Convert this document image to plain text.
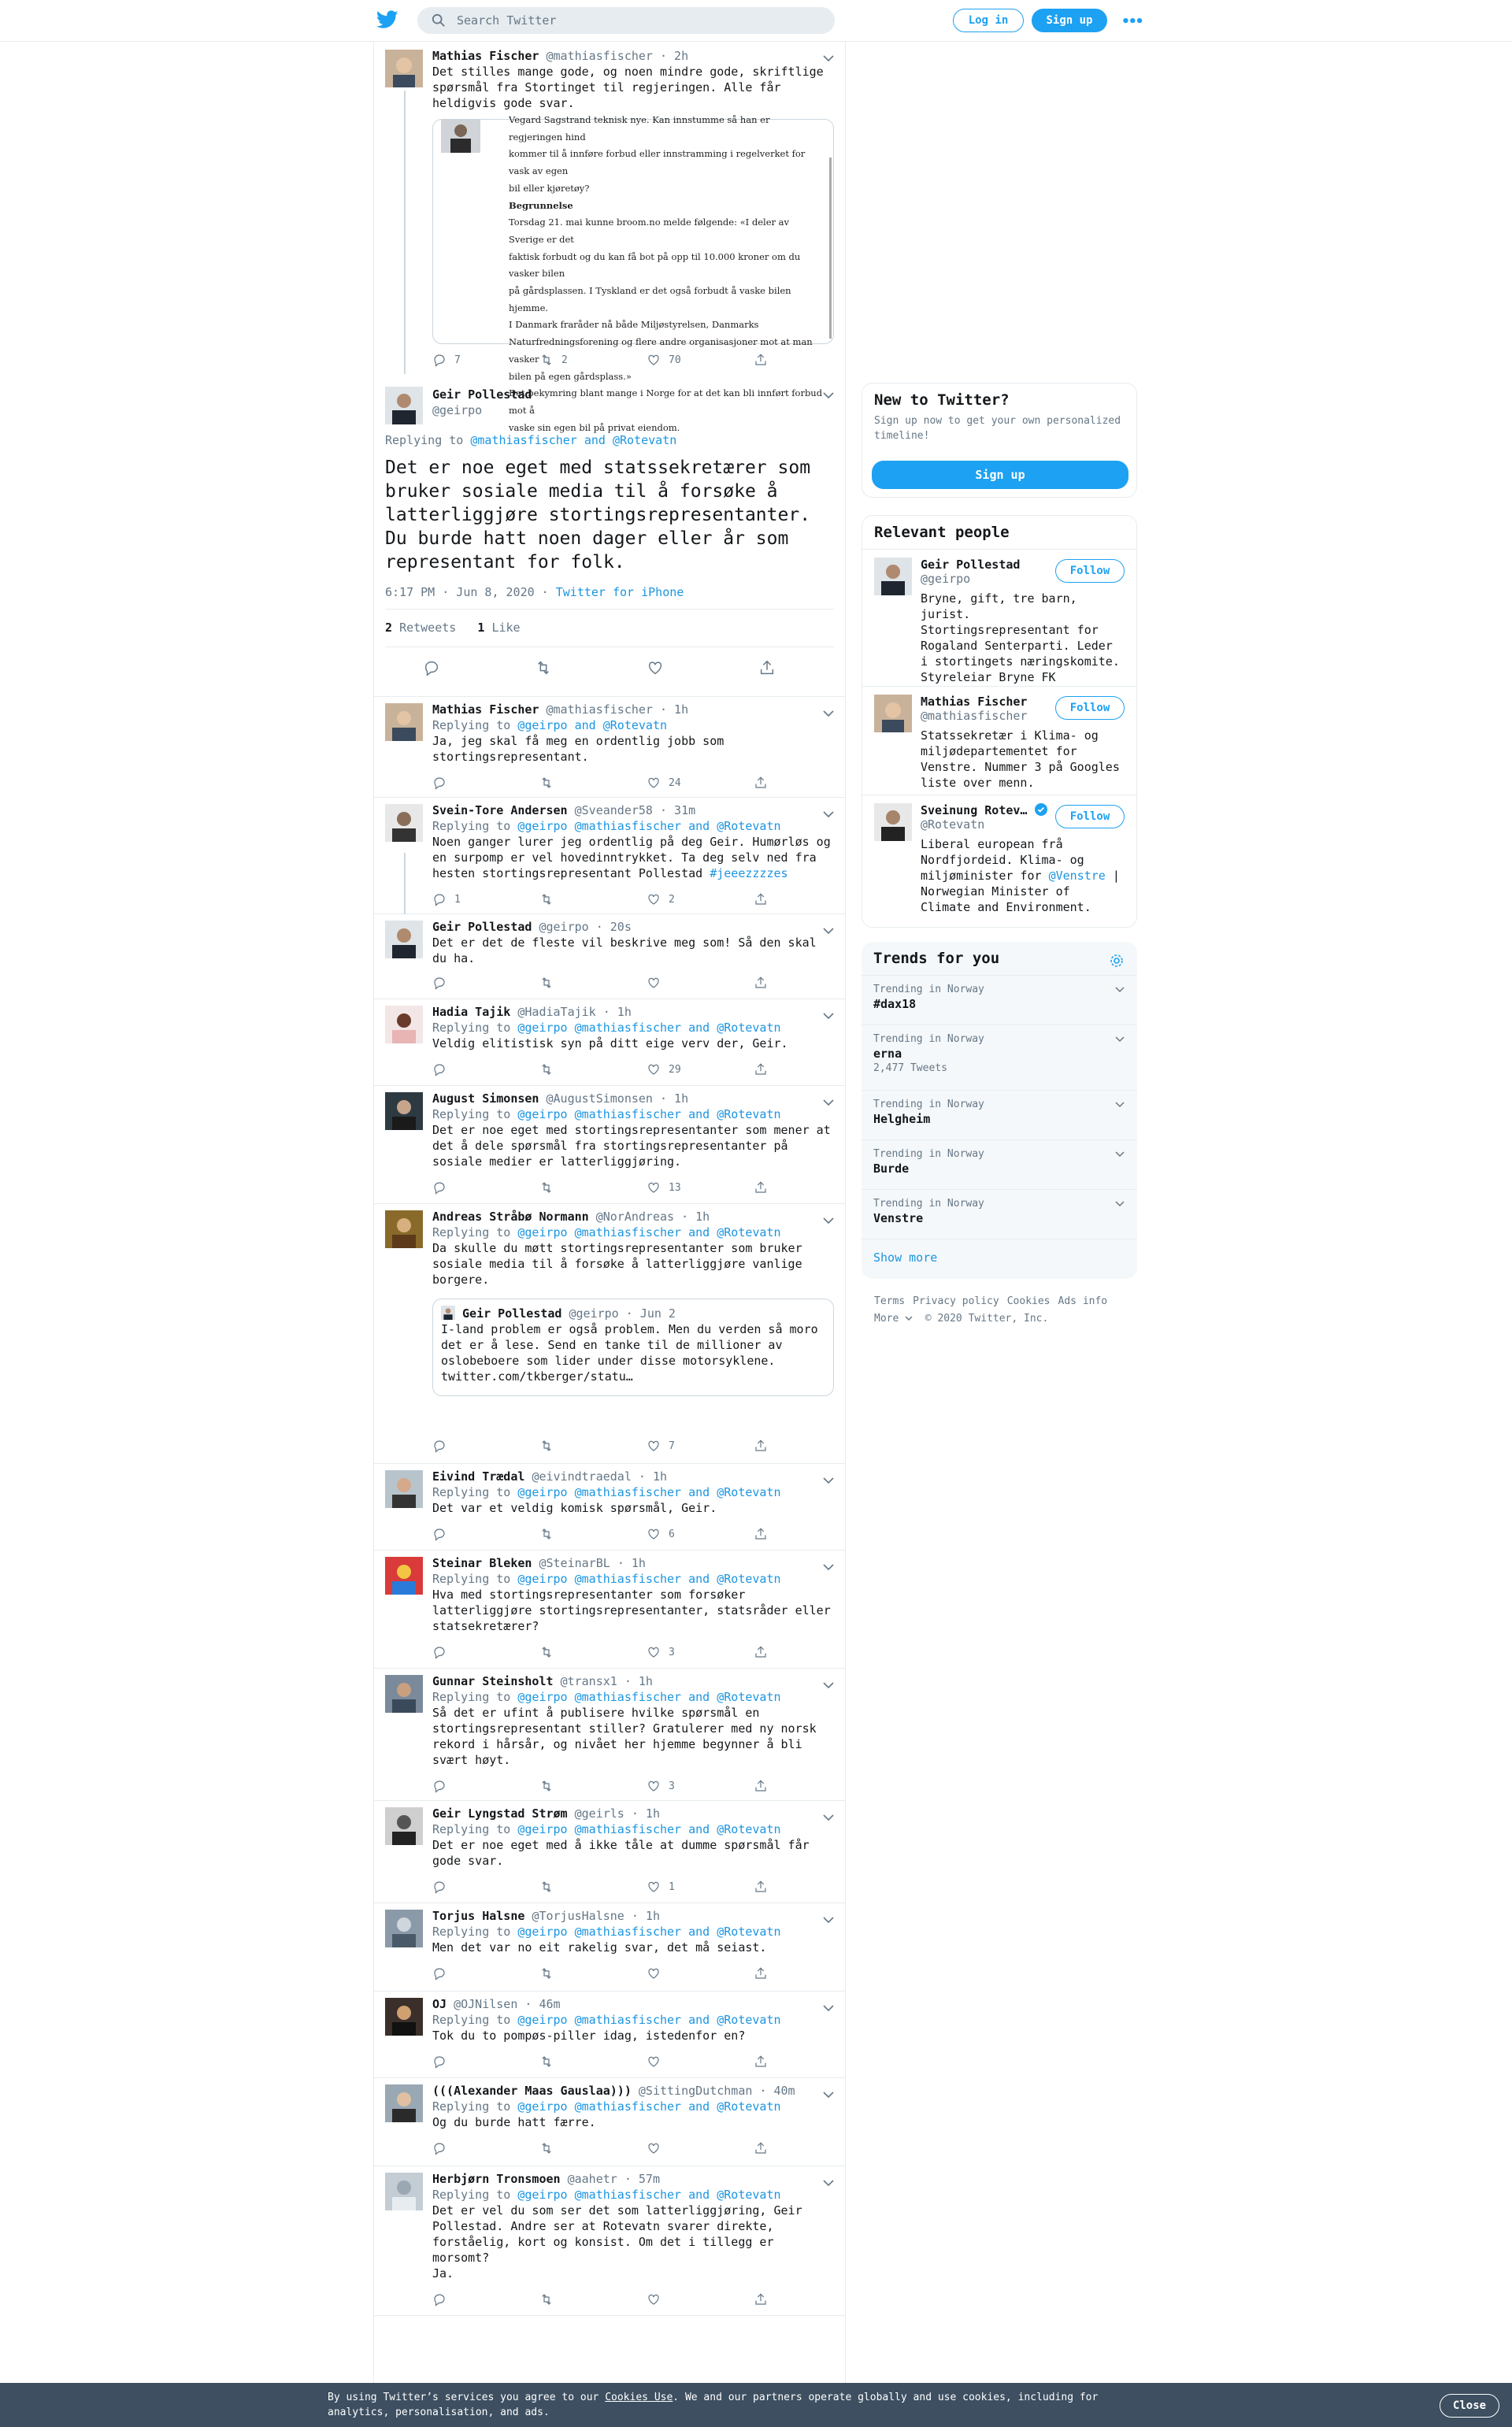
Search Twitter	Log in	Sign up	•••
Mathias Fischer @mathiasfischer · 2h
Det stilles mange gode, og noen mindre gode, skriftlige spørsmål fra Stortinget til regjeringen. Alle får heldigvis gode svar.
Vegard Sagstrand teknisk nye. Kan innstumme så han er regjeringen hind
kommer til å innføre forbud eller innstramming i regelverket for vask av egen
bil eller kjøretøy?
Begrunnelse
Torsdag 21. mai kunne broom.no melde følgende: «I deler av Sverige er det
faktisk forbudt og du kan få bot på opp til 10.000 kroner om du vasker bilen
på gårdsplassen. I Tyskland er det også forbudt å vaske bilen hjemme.
I Danmark fraråder nå både Miljøstyrelsen, Danmarks
Naturfredningsforening og flere andre organisasjoner mot at man vasker
bilen på egen gårdsplass.»
Det bekymring blant mange i Norge for at det kan bli innført forbud mot å
vaske sin egen bil på privat eiendom.
7	2	70
Geir Pollestad
@geirpo
Replying to @mathiasfischer and @Rotevatn
Det er noe eget med statssekretærer som bruker sosiale media til å forsøke å latterliggjøre stortingsrepresentanter. Du burde hatt noen dager eller år som representant for folk.
6:17 PM · Jun 8, 2020 · Twitter for iPhone
2 Retweets 1 Like
Mathias Fischer @mathiasfischer · 1h
Replying to @geirpo and @Rotevatn
Ja, jeg skal få meg en ordentlig jobb som stortingsrepresentant.
24
Svein-Tore Andersen @Sveander58 · 31m
Replying to @geirpo @mathiasfischer and @Rotevatn
Noen ganger lurer jeg ordentlig på deg Geir. Humørløs og en surpomp er vel hovedinntrykket. Ta deg selv ned fra hesten stortingsrepresentant Pollestad #jeeezzzzes
1	2
Geir Pollestad @geirpo · 20s
Det er det de fleste vil beskrive meg som! Så den skal du ha.
Hadia Tajik @HadiaTajik · 1h
Replying to @geirpo @mathiasfischer and @Rotevatn
Veldig elitistisk syn på ditt eige verv der, Geir.
29
August Simonsen @AugustSimonsen · 1h
Replying to @geirpo @mathiasfischer and @Rotevatn
Det er noe eget med stortingsrepresentanter som mener at det å dele spørsmål fra stortingsrepresentanter på sosiale medier er latterliggjøring.
13
Andreas Stråbø Normann @NorAndreas · 1h
Replying to @geirpo @mathiasfischer and @Rotevatn
Da skulle du møtt stortingsrepresentanter som bruker sosiale media til å forsøke å latterliggjøre vanlige borgere.
Geir Pollestad @geirpo · Jun 2
I-land problem er også problem. Men du verden så moro det er å lese. Send en tanke til de millioner av oslobeboere som lider under disse motorsyklene. twitter.com/tkberger/statu…
7
Eivind Trædal @eivindtraedal · 1h
Replying to @geirpo @mathiasfischer and @Rotevatn
Det var et veldig komisk spørsmål, Geir.
6
Steinar Bleken @SteinarBL · 1h
Replying to @geirpo @mathiasfischer and @Rotevatn
Hva med stortingsrepresentanter som forsøker latterliggjøre stortingsrepresentanter, statsråder eller statsekretærer?
3
Gunnar Steinsholt @transx1 · 1h
Replying to @geirpo @mathiasfischer and @Rotevatn
Så det er ufint å publisere hvilke spørsmål en stortingsrepresentant stiller? Gratulerer med ny norsk rekord i hårsår, og nivået her hjemme begynner å bli svært høyt.
3
Geir Lyngstad Strøm @geirls · 1h
Replying to @geirpo @mathiasfischer and @Rotevatn
Det er noe eget med å ikke tåle at dumme spørsmål får gode svar.
1
Torjus Halsne @TorjusHalsne · 1h
Replying to @geirpo @mathiasfischer and @Rotevatn
Men det var no eit rakelig svar, det må seiast.
OJ @OJNilsen · 46m
Replying to @geirpo @mathiasfischer and @Rotevatn
Tok du to pompøs-piller idag, istedenfor en?
(((Alexander Maas Gauslaa))) @SittingDutchman · 40m
Replying to @geirpo @mathiasfischer and @Rotevatn
Og du burde hatt færre.
Herbjørn Tronsmoen @aahetr · 57m
Replying to @geirpo @mathiasfischer and @Rotevatn
Det er vel du som ser det som latterliggjøring, Geir Pollestad. Andre ser at Rotevatn svarer direkte, forståelig, kort og konsist. Om det i tillegg er morsomt?
Ja.
New to Twitter?
Sign up now to get your own personalized timeline!
Sign up
Relevant people
Geir Pollestad
@geirpo
Follow
Bryne, gift, tre barn, jurist. Stortingsrepresentant for Rogaland Senterparti. Leder i stortingets næringskomite. Styreleiar Bryne FK
Mathias Fischer
@mathiasfischer
Follow
Statssekretær i Klima- og miljødepartementet for Venstre. Nummer 3 på Googles liste over menn.
Sveinung Rotev…
@Rotevatn
Follow
Liberal european frå Nordfjordeid. Klima- og miljøminister for @Venstre | Norwegian Minister of Climate and Environment.
Trends for you
Trending in Norway
#dax18
Trending in Norway
erna
2,477 Tweets
Trending in Norway
Helgheim
Trending in Norway
Burde
Trending in Norway
Venstre
Show more
Terms Privacy policy Cookies Ads info
More	© 2020 Twitter, Inc.
By using Twitter’s services you agree to our Cookies Use. We and our partners operate globally and use cookies, including for analytics, personalisation, and ads.
Close
